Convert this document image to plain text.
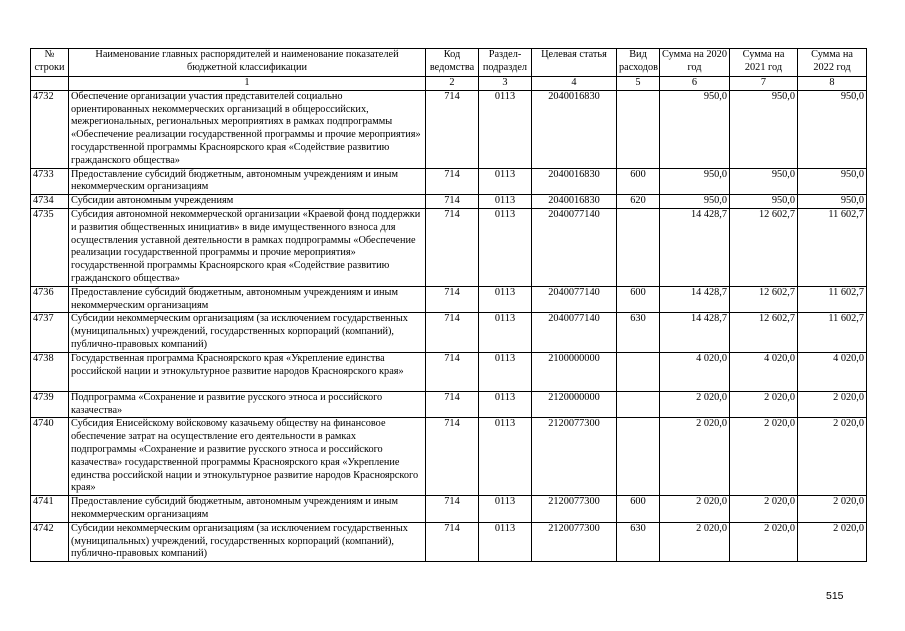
№ строки	Наименование главных распорядителей и наименование показателей бюджетной классификации	Код ведомства	Раздел-подраздел	Целевая статья	Вид расходов	Сумма на 2020 год	Сумма на 2021 год	Сумма на 2022 год
	1	2	3	4	5	6	7	8
4732	Обеспечение организации участия представителей социально ориентированных некоммерческих организаций в общероссийских, межрегиональных, региональных мероприятиях в рамках подпрограммы «Обеспечение реализации государственной программы и прочие мероприятия» государственной программы Красноярского края «Содействие развитию гражданского общества»	714	0113	2040016830		950,0	950,0	950,0
4733	Предоставление субсидий бюджетным, автономным учреждениям и иным некоммерческим организациям	714	0113	2040016830	600	950,0	950,0	950,0
4734	Субсидии автономным учреждениям	714	0113	2040016830	620	950,0	950,0	950,0
4735	Субсидия автономной некоммерческой организации «Краевой фонд поддержки и развития общественных инициатив» в виде имущественного взноса для осуществления уставной деятельности в рамках подпрограммы «Обеспечение реализации государственной программы и прочие мероприятия» государственной программы Красноярского края «Содействие развитию гражданского общества»	714	0113	2040077140		14 428,7	12 602,7	11 602,7
4736	Предоставление субсидий бюджетным, автономным учреждениям и иным некоммерческим организациям	714	0113	2040077140	600	14 428,7	12 602,7	11 602,7
4737	Субсидии некоммерческим организациям (за исключением государственных (муниципальных) учреждений, государственных корпораций (компаний), публично-правовых компаний)	714	0113	2040077140	630	14 428,7	12 602,7	11 602,7
4738	Государственная программа Красноярского края «Укрепление единства российской нации и этнокультурное развитие народов Красноярского края»	714	0113	2100000000		4 020,0	4 020,0	4 020,0
4739	Подпрограмма «Сохранение и развитие русского этноса и российского казачества»	714	0113	2120000000		2 020,0	2 020,0	2 020,0
4740	Субсидия Енисейскому войсковому казачьему обществу на финансовое обеспечение затрат на осуществление его деятельности в рамках подпрограммы «Сохранение и развитие русского этноса и российского казачества» государственной программы Красноярского края «Укрепление единства российской нации и этнокультурное развитие народов Красноярского края»	714	0113	2120077300		2 020,0	2 020,0	2 020,0
4741	Предоставление субсидий бюджетным, автономным учреждениям и иным некоммерческим организациям	714	0113	2120077300	600	2 020,0	2 020,0	2 020,0
4742	Субсидии некоммерческим организациям (за исключением государственных (муниципальных) учреждений, государственных корпораций (компаний), публично-правовых компаний)	714	0113	2120077300	630	2 020,0	2 020,0	2 020,0
515
